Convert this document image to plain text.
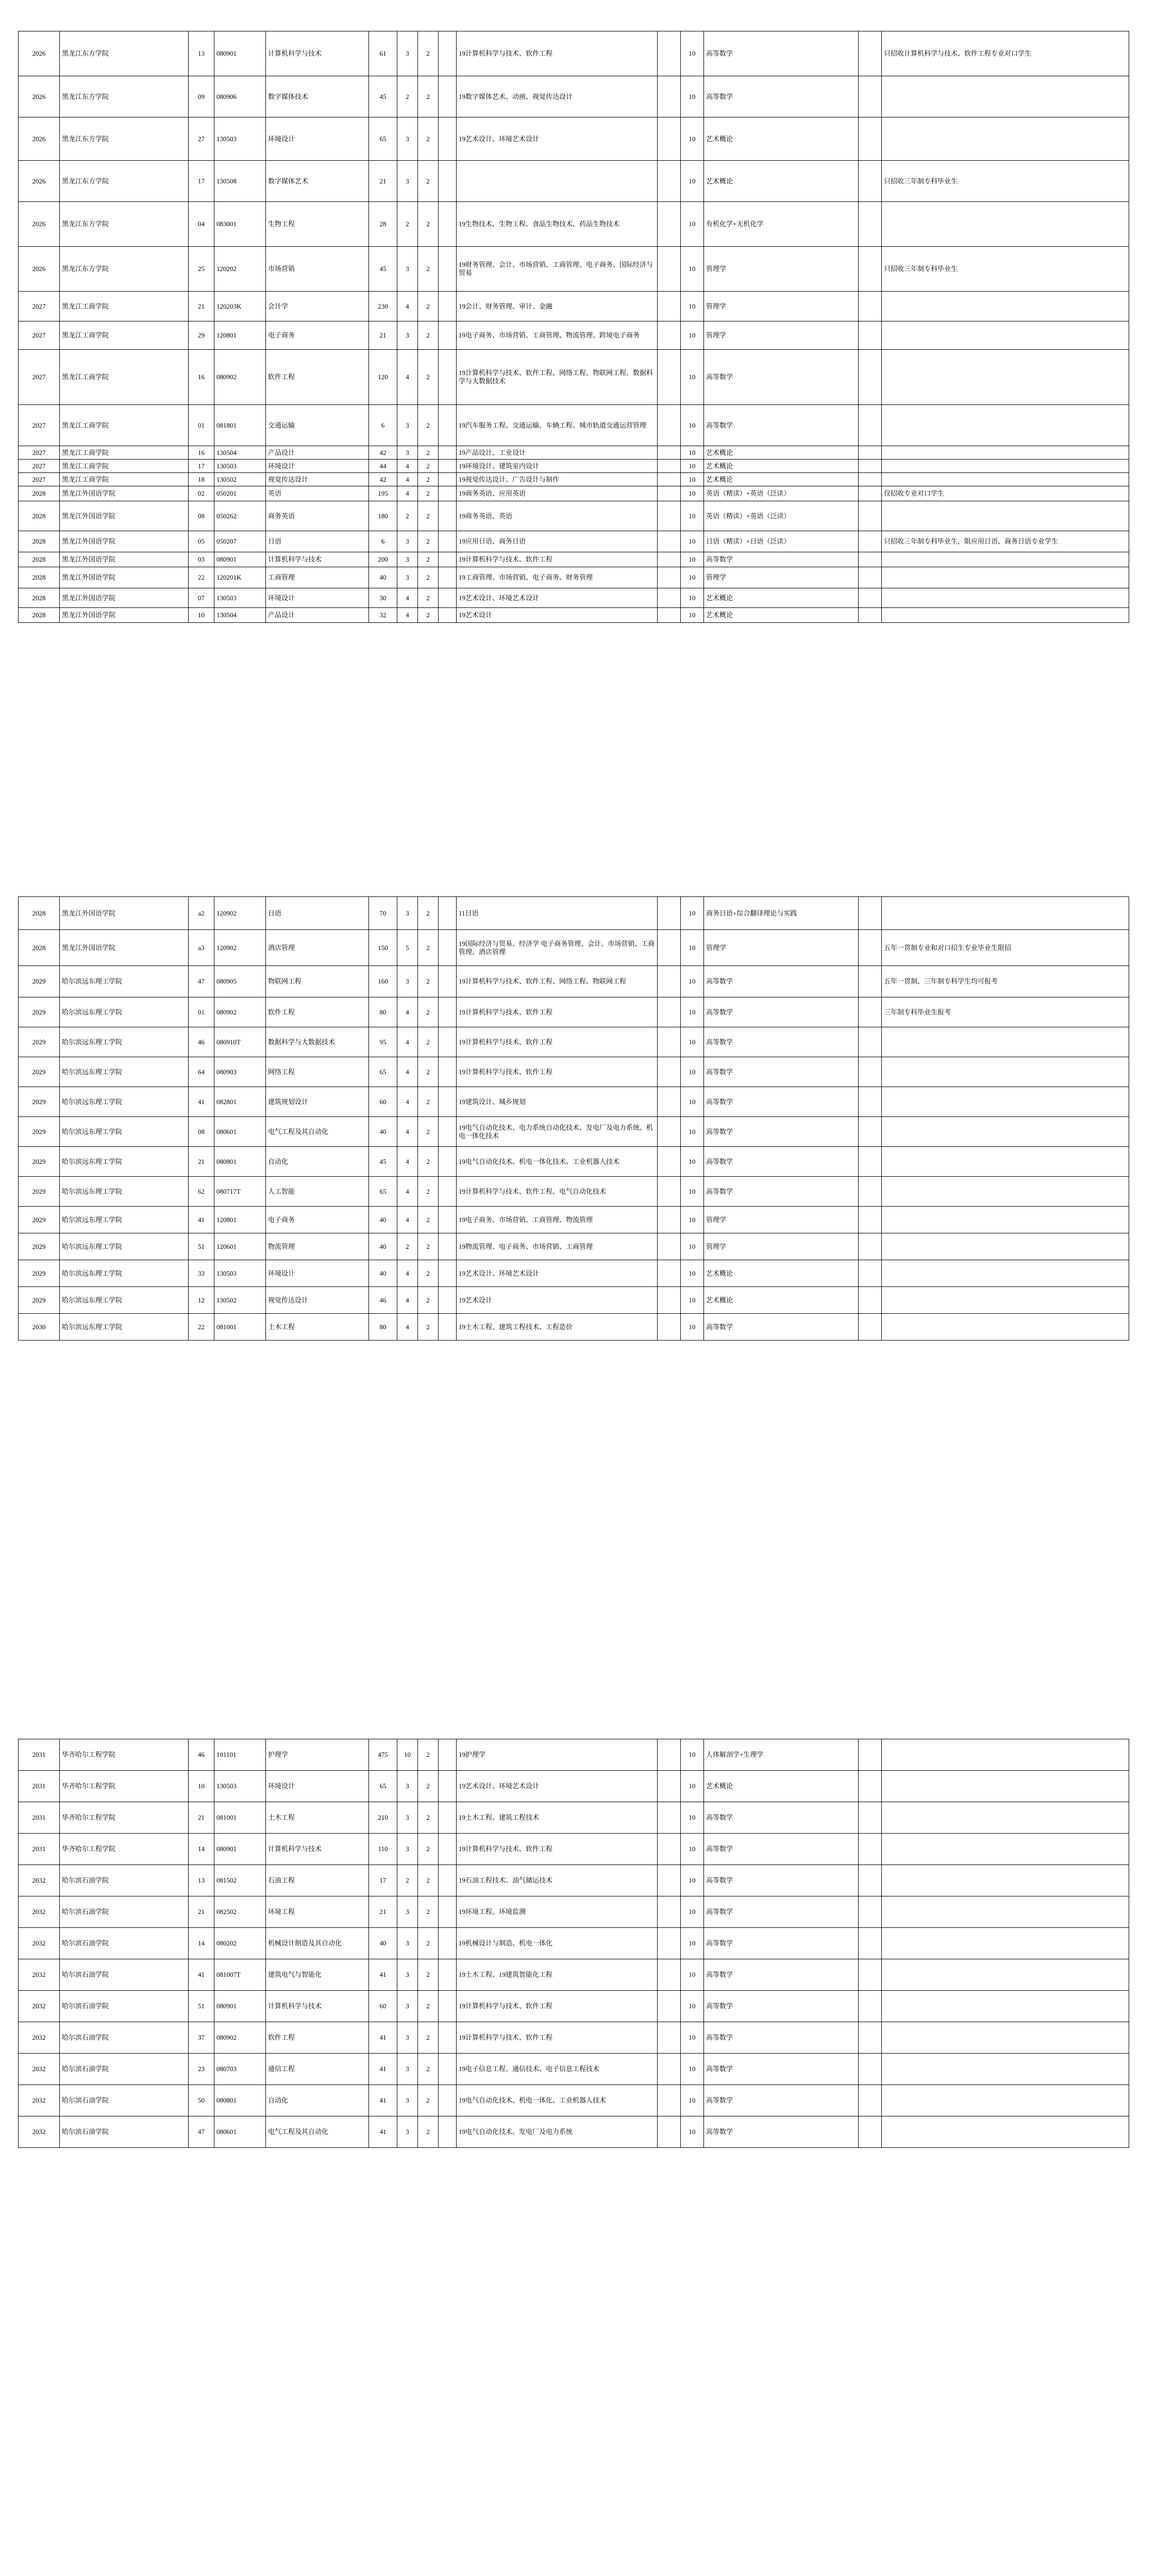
2026	黑龙江东方学院	13	080901	计算机科学与技术	61	3	2		19计算机科学与技术、软件工程		10	高等数学		只招收计算机科学与技术、软件工程专业对口学生
2026	黑龙江东方学院	09	080906	数字媒体技术	45	2	2		19数字媒体艺术、动画、视觉传达设计		10	高等数学		
2026	黑龙江东方学院	27	130503	环境设计	65	3	2		19艺术设计、环境艺术设计		10	艺术概论		
2026	黑龙江东方学院	17	130508	数字媒体艺术	21	3	2				10	艺术概论		只招收三年制专科毕业生
2026	黑龙江东方学院	04	083001	生物工程	28	2	2		19生物技术、生物工程、食品生物技术、药品生物技术		10	有机化学+无机化学		
2026	黑龙江东方学院	25	120202	市场营销	45	3	2		19财务管理、会计、市场营销、工商管理、电子商务、国际经济与贸易		10	管理学		只招收三年制专科毕业生
2027	黑龙江工商学院	21	120203K	会计学	230	4	2		19会计、财务管理、审计、金融		10	管理学		
2027	黑龙江工商学院	29	120801	电子商务	21	3	2		19电子商务、市场营销、工商管理、物流管理、跨境电子商务		10	管理学		
2027	黑龙江工商学院	16	080902	软件工程	120	4	2		19计算机科学与技术、软件工程、网络工程、物联网工程、数据科学与大数据技术		10	高等数学		
2027	黑龙江工商学院	01	081801	交通运输	6	3	2		19汽车服务工程、交通运输、车辆工程、城市轨道交通运营管理		10	高等数学		
2027	黑龙江工商学院	16	130504	产品设计	42	3	2		19产品设计、工业设计		10	艺术概论		
2027	黑龙江工商学院	17	130503	环境设计	44	4	2		19环境设计、建筑室内设计		10	艺术概论		
2027	黑龙江工商学院	18	130502	视觉传达设计	42	4	2		19视觉传达设计、广告设计与制作		10	艺术概论		
2028	黑龙江外国语学院	02	050201	英语	195	4	2		19商务英语、应用英语		10	英语（精读）+英语（泛读）		仅招收专业对口学生
2028	黑龙江外国语学院	08	050262	商务英语	180	2	2		19商务英语、英语		10	英语（精读）+英语（泛读）		
2028	黑龙江外国语学院	05	050207	日语	6	3	2		19应用日语、商务日语		10	日语（精读）+日语（泛读）		只招收三年制专科毕业生，限应用日语、商务日语专业学生
2028	黑龙江外国语学院	03	080901	计算机科学与技术	200	3	2		19计算机科学与技术、软件工程		10	高等数学		
2028	黑龙江外国语学院	22	120201K	工商管理	40	3	2		19工商管理、市场营销、电子商务、财务管理		10	管理学		
2028	黑龙江外国语学院	07	130503	环境设计	30	4	2		19艺术设计、环境艺术设计		10	艺术概论		
2028	黑龙江外国语学院	10	130504	产品设计	32	4	2		19艺术设计		10	艺术概论		
2028	黑龙江外国语学院	a2	120902	日语	70	3	2		11日语		10	商务日语+综合翻译理论与实践		
2028	黑龙江外国语学院	a3	120902	酒店管理	150	5	2		19国际经济与贸易、经济学 电子商务管理、会计、市场营销、工商管理、酒店管理		10	管理学		五年一贯制专业和对口招生专业毕业生限招
2029	哈尔滨远东理工学院	47	080905	物联网工程	160	3	2		19计算机科学与技术、软件工程、网络工程、物联网工程		10	高等数学		五年一贯制、三年制专科学生均可报考
2029	哈尔滨远东理工学院	01	080902	软件工程	80	4	2		19计算机科学与技术、软件工程		10	高等数学		三年制专科毕业生报考
2029	哈尔滨远东理工学院	46	080910T	数据科学与大数据技术	95	4	2		19计算机科学与技术、软件工程		10	高等数学		
2029	哈尔滨远东理工学院	64	080903	网络工程	65	4	2		19计算机科学与技术、软件工程		10	高等数学		
2029	哈尔滨远东理工学院	41	082801	建筑规划设计	60	4	2		19建筑设计、城乡规划		10	高等数学		
2029	哈尔滨远东理工学院	08	080601	电气工程及其自动化	40	4	2		19电气自动化技术、电力系统自动化技术、发电厂及电力系统、机电一体化技术		10	高等数学		
2029	哈尔滨远东理工学院	21	080801	自动化	45	4	2		19电气自动化技术、机电一体化技术、工业机器人技术		10	高等数学		
2029	哈尔滨远东理工学院	62	080717T	人工智能	65	4	2		19计算机科学与技术、软件工程、电气自动化技术		10	高等数学		
2029	哈尔滨远东理工学院	41	120801	电子商务	40	4	2		19电子商务、市场营销、工商管理、物流管理		10	管理学		
2029	哈尔滨远东理工学院	51	120601	物流管理	40	2	2		19物流管理、电子商务、市场营销、工商管理		10	管理学		
2029	哈尔滨远东理工学院	33	130503	环境设计	40	4	2		19艺术设计、环境艺术设计		10	艺术概论		
2029	哈尔滨远东理工学院	12	130502	视觉传达设计	46	4	2		19艺术设计		10	艺术概论		
2030	哈尔滨远东理工学院	22	081001	土木工程	80	4	2		19土木工程、建筑工程技术、工程造价		10	高等数学		
2031	华齐哈尔工程学院	46	101101	护理学	475	10	2		19护理学		10	人体解剖学+生理学		
2031	华齐哈尔工程学院	10	130503	环境设计	65	3	2		19艺术设计、环境艺术设计		10	艺术概论		
2031	华齐哈尔工程学院	21	081001	土木工程	210	3	2		19土木工程、建筑工程技术		10	高等数学		
2031	华齐哈尔工程学院	14	080901	计算机科学与技术	110	3	2		19计算机科学与技术、软件工程		10	高等数学		
2032	哈尔滨石油学院	13	081502	石油工程	17	2	2		19石油工程技术、油气储运技术		10	高等数学		
2032	哈尔滨石油学院	21	082502	环境工程	21	3	2		19环境工程、环境监测		10	高等数学		
2032	哈尔滨石油学院	14	080202	机械设计制造及其自动化	40	3	2		19机械设计与制造、机电一体化		10	高等数学		
2032	哈尔滨石油学院	41	081007T	建筑电气与智能化	41	3	2		19土木工程、19建筑智能化工程		10	高等数学		
2032	哈尔滨石油学院	51	080901	计算机科学与技术	60	3	2		19计算机科学与技术、软件工程		10	高等数学		
2032	哈尔滨石油学院	37	080902	软件工程	41	3	2		19计算机科学与技术、软件工程		10	高等数学		
2032	哈尔滨石油学院	23	080703	通信工程	41	3	2		19电子信息工程、通信技术、电子信息工程技术		10	高等数学		
2032	哈尔滨石油学院	50	080801	自动化	41	3	2		19电气自动化技术、机电一体化、工业机器人技术		10	高等数学		
2032	哈尔滨石油学院	47	080601	电气工程及其自动化	41	3	2		19电气自动化技术、发电厂及电力系统		10	高等数学		
